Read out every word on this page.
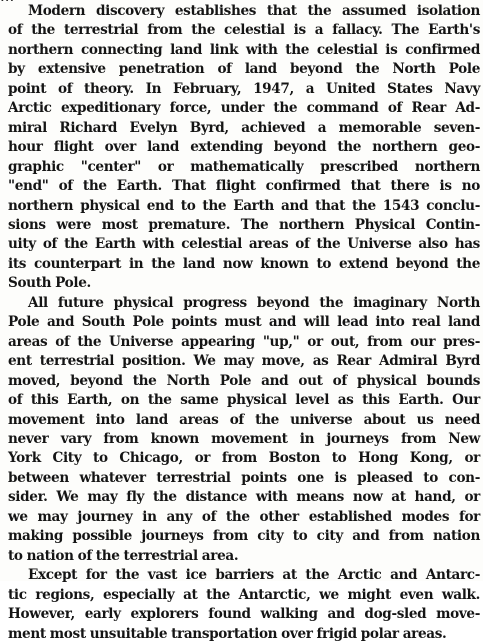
Modern discovery establishes that the assumed isolation
of the terrestrial from the celestial is a fallacy. The Earth's
northern connecting land link with the celestial is confirmed
by extensive penetration of land beyond the North Pole
point of theory. In February, 1947, a United States Navy
Arctic expeditionary force, under the command of Rear Ad-
miral Richard Evelyn Byrd, achieved a memorable seven-
hour flight over land extending beyond the northern geo-
graphic "center" or mathematically prescribed northern
"end" of the Earth. That flight confirmed that there is no
northern physical end to the Earth and that the 1543 conclu-
sions were most premature. The northern Physical Contin-
uity of the Earth with celestial areas of the Universe also has
its counterpart in the land now known to extend beyond the
South Pole.
All future physical progress beyond the imaginary North
Pole and South Pole points must and will lead into real land
areas of the Universe appearing "up," or out, from our pres-
ent terrestrial position. We may move, as Rear Admiral Byrd
moved, beyond the North Pole and out of physical bounds
of this Earth, on the same physical level as this Earth. Our
movement into land areas of the universe about us need
never vary from known movement in journeys from New
York City to Chicago, or from Boston to Hong Kong, or
between whatever terrestrial points one is pleased to con-
sider. We may fly the distance with means now at hand, or
we may journey in any of the other established modes for
making possible journeys from city to city and from nation
to nation of the terrestrial area.
Except for the vast ice barriers at the Arctic and Antarc-
tic regions, especially at the Antarctic, we might even walk.
However, early explorers found walking and dog-sled move-
ment most unsuitable transportation over frigid polar areas.
